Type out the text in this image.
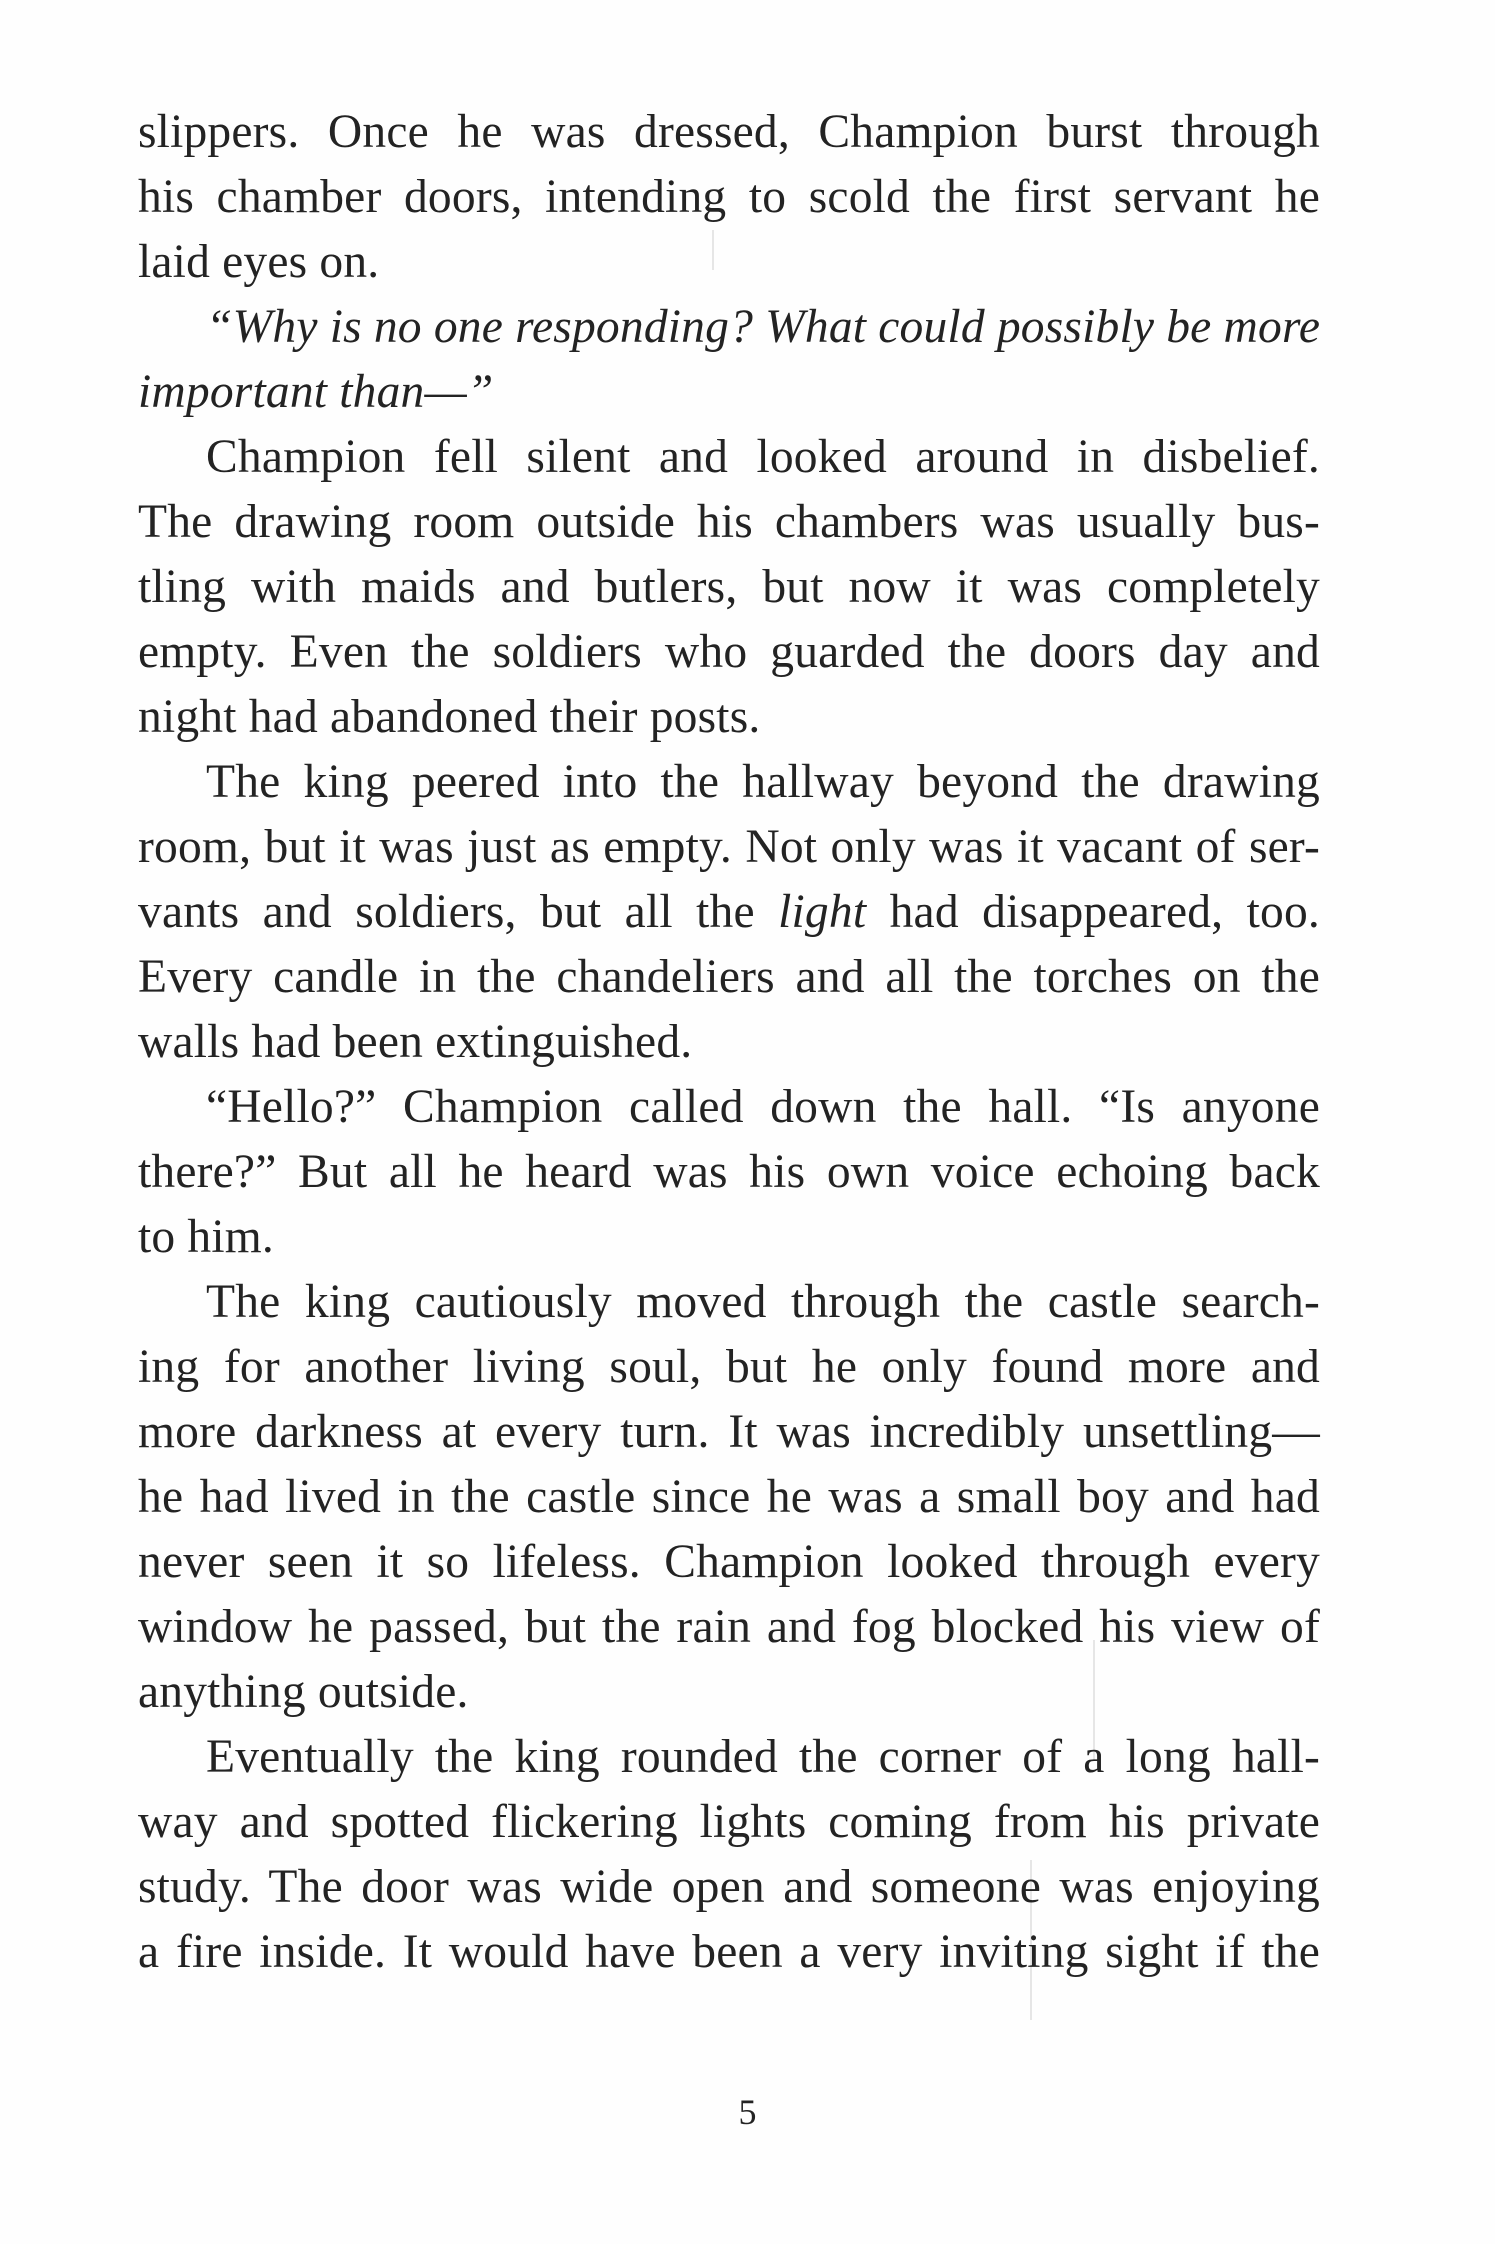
slippers. Once he was dressed, Champion burst through
his chamber doors, intending to scold the first servant he
laid eyes on.
“Why is no one responding? What could possibly be more
important than—”
Champion fell silent and looked around in disbelief.
The drawing room outside his chambers was usually bus-
tling with maids and butlers, but now it was completely
empty. Even the soldiers who guarded the doors day and
night had abandoned their posts.
The king peered into the hallway beyond the drawing
room, but it was just as empty. Not only was it vacant of ser-
vants and soldiers, but all the light had disappeared, too.
Every candle in the chandeliers and all the torches on the
walls had been extinguished.
“Hello?” Champion called down the hall. “Is anyone
there?” But all he heard was his own voice echoing back
to him.
The king cautiously moved through the castle search-
ing for another living soul, but he only found more and
more darkness at every turn. It was incredibly unsettling—
he had lived in the castle since he was a small boy and had
never seen it so lifeless. Champion looked through every
window he passed, but the rain and fog blocked his view of
anything outside.
Eventually the king rounded the corner of a long hall-
way and spotted flickering lights coming from his private
study. The door was wide open and someone was enjoying
a fire inside. It would have been a very inviting sight if the
5
